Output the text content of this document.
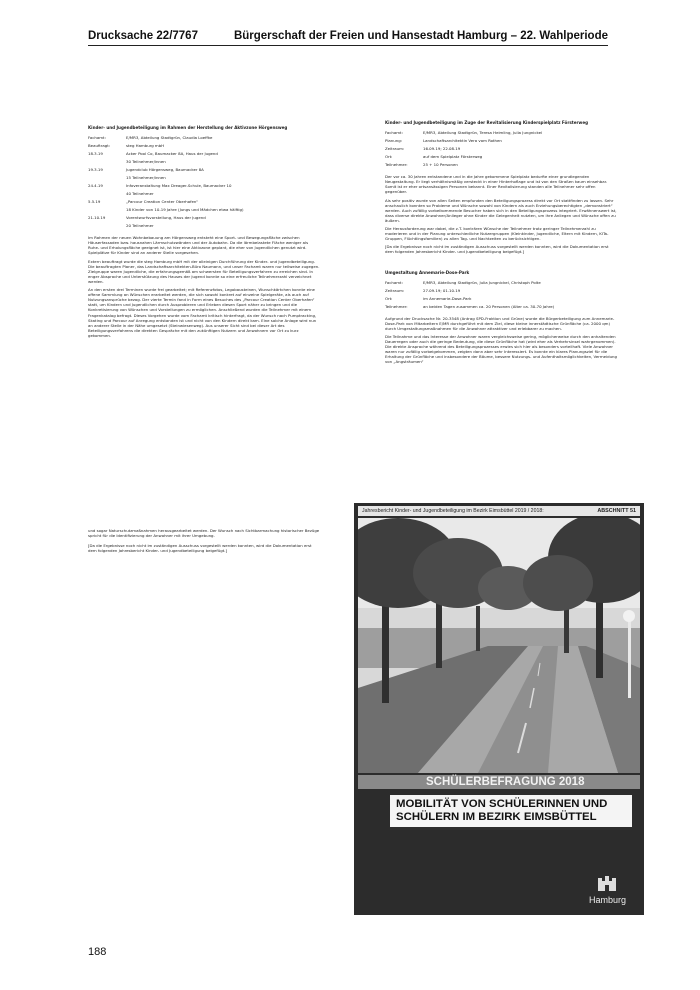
Drucksache 22/7767	Bürgerschaft der Freien und Hansestadt Hamburg – 22. Wahlperiode
Kinder- und Jugendbeteiligung im Rahmen der Herstellung der Aktivzone Hörgensweg
Fachamt:	E/MR3, Abteilung Stadtgrün, Claudia Loeffke
Beauftragt:	steg Hamburg mbH
18.3.19	Acker Pool Co, Baumacker 8A, Haus der Jugend
30 Teilnehmer/innen
19.3.19	Jugendclub Hörgensweg, Baumacker 8A
15 Teilnehmer/innen
24.4.19	Infoveranstaltung Max Dreager-Schule, Baumacker 10
40 Teilnehmer
5.5.19	„Parcour Creation Center Oberhafen“
18 Kinder von 10-19 Jahre (Jungs und Mädchen etwa hälftig)
21.10.19	Vorentwurfsvorstellung, Haus der Jugend
20 Teilnehmer

Im Rahmen der neuen Wohnbebauung am Hörgensweg entsteht eine Sport- und Bewegungsfläche zwischen Häuserfassaden bzw. hausnahen Lärmschutzwänden und der Autobahn. Da die lärmbelastete Fläche weniger als Ruhe- und Erholungsfläche geeignet ist, ist hier eine Aktivzone geplant, die eher von Jugendlichen genutzt wird. Spielplätze für Kinder sind an anderer Stelle vorgesehen.

Extern beauftragt wurde die steg Hamburg mbH mit der alleinigen Durchführung der Kinder- und Jugendbeteiligung. Die beauftragten Planer, das Landschaftsarchitekten-Büro Naumann, und unser Fachamt waren nur teilweise zugegen. Zielgruppe waren Jugendliche, die erfahrungsgemäß am schwersten für Beteiligungsverfahren zu erreichen sind. In enger Absprache und Unterstützung des Hauses der Jugend konnte so eine erfreuliche Teilnehmerzahl verzeichnet werden.

An den ersten drei Terminen wurde frei gearbeitet; mit Referenzfotos, Legobausteinen, Wunschkärtchen konnte eine offene Sammlung an Wünschen erarbeitet werden, die sich sowohl konkret auf einzelne Spielgeräte, als auch auf Nutzungsansprüche bezog. Der vierte Termin fand in Form eines Besuches des „Parcour Creation Center Oberhafen“ statt, um Kindern und Jugendlichen durch Ausprobieren und Erleben diesen Sport näher zu bringen und die Konkretisierung von Wünschen und Vorstellungen zu ermöglichen. Anschließend wurden die Teilnehmer mit einem Fragenkatalog befragt. Dieses Vorgehen wurde vom Fachamt kritisch hinterfragt, da der Wunsch nach Pumptracking, Skating und Parcour auf Anregung entstanden ist und nicht von den Kindern direkt kam. Eine solche Anlage wird nun an anderer Stelle in der Nähe umgesetzt (Steinwiesenweg). Aus unserer Sicht sind bei dieser Art des Beteiligungsverfahrens die direkten Gespräche mit den zukünftigen Nutzern und Anwohnern vor Ort zu kurz gekommen.

und sogar Naturschutzmaßnahmen herausgearbeitet werden. Der Wunsch nach Sichtbarmachung historischer Bezüge spricht für die Identifizierung der Anwohner mit ihrer Umgebung.

[Da die Ergebnisse noch nicht im zuständigen Ausschuss vorgestellt werden konnten, wird die Dokumentation erst dem folgenden Jahresbericht Kinder- und Jugendbeteiligung beigefügt.]

Kinder- und Jugendbeteiligung im Zuge der Revitalisierung Kinderspielplatz Försterweg
Fachamt:	E/MR3, Abteilung Stadtgrün, Teresa Heimling, Julia Jungnickel
Planung:	Landschaftsarchitektin Vera vom Rothen
Zeitraum:	16.09.19; 22.08.19
Ort:	auf dem Spielplatz Försterweg
Teilnehmer:	25 + 10 Personen

Der vor ca. 30 Jahren entstandene und in die Jahre gekommene Spielplatz bedurfte einer grundlegenden Neugestaltung. Er liegt verhältnismäßig versteckt in einer Hinterhoflage und ist von den Straßen kaum einsehbar. Somit ist er eher ortsansässigen Personen bekannt. Einer Revitalisierung standen alle Teilnehmer sehr offen gegenüber.

Als sehr positiv wurde von allen Seiten empfunden den Beteiligungsprozess direkt vor Ort stattfinden zu lassen. Sehr anschaulich konnten so Probleme und Wünsche sowohl von Kindern als auch Erziehungsberechtigten „demonstriert“ werden. Auch zufällig vorbeikommende Besucher haben sich in den Beteiligungsprozess integriert. Erwähnenswert ist, dass diverse direkte Anwohner/Anlieger ohne Kinder die Gelegenheit nutzten, um ihre Anliegen und Wünsche offen zu äußern.

Die Herausforderung war dabei, die z.T. konträren Wünsche der Teilnehmer trotz geringer Teilnehmerzahl zu moderieren und in der Planung unterschiedliche Nutzergruppen (Kleinkinder, Jugendliche, Eltern mit Kindern, KITa-Gruppen, Flüchtlingsfamilien) zu allen Tag- und Nachtzeiten zu berücksichtigen.

[Da die Ergebnisse noch nicht im zuständigen Ausschuss vorgestellt werden konnten, wird die Dokumentation erst dem folgenden Jahresbericht Kinder- und Jugendbeteiligung beigefügt.]

Umgestaltung Annemarie-Dose-Park
Fachamt:	E/MR3, Abteilung Stadtgrün, Julia Jungnickel, Christoph Polte
Zeitraum:	27.09.19; 01.10.19
Ort:	im Annemarie-Dose-Park
Teilnehmer:	an beiden Tagen zusammen ca. 20 Personen (Alter ca. 30-70 Jahre)

Aufgrund der Drucksache Nr. 20-3548 (Antrag SPD-Fraktion und Grüne) wurde die Bürgerbeteiligung zum Annemarie-Dose-Park von Mitarbeitern E/MR durchgeführt mit dem Ziel, diese kleine innerstädtische Grünfläche (ca. 2000 qm) durch Umgestaltungsmaßnahmen für die Anwohner attraktiver und erlebbarer zu machen.

Die Teilnahme und das Interesse der Anwohner waren vergleichsweise gering, möglicherweise durch den anhaltenden Dauerregen oder auch die geringe Bedeutung, die diese Grünfläche hat (wird eher als Verkehrsinsel wahrgenommen). Die direkte Ansprache während des Beteiligungsprozesses erwies sich hier als besonders vorteilhaft. Viele Anwohner waren nur zufällig vorbeigekommen, zeigten dann aber sehr Interessiert. Es konnte ein klares Planungsziel für die Erhaltung der Grünfläche und insbesondere der Bäume, bessere Nutzungs- und Aufenthaltsmöglichkeiten, Vermeidung von „Angsträumen“

Jahresbericht Kinder- und Jugendbeteiligung im Bezirk Eimsbüttel 2019 / 2018:	ABSCHNITT 51
SCHÜLERBEFRAGUNG 2018
MOBILITÄT VON SCHÜLERINNEN UND
SCHÜLERN IM BEZIRK EIMSBÜTTEL
Hamburg
188
